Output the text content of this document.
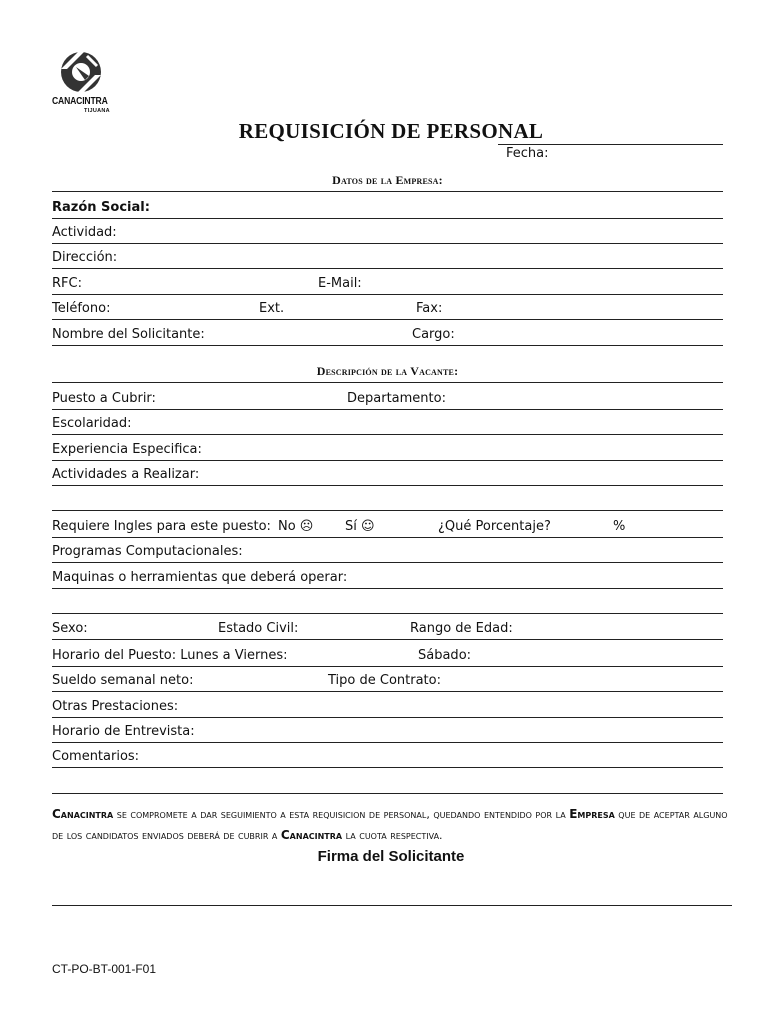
CANACINTRA
TIJUANA
REQUISICIÓN DE PERSONAL
Fecha:
Datos de la Empresa:
Razón Social:
Actividad:
Dirección:
RFC:	E-Mail:
Teléfono:	Ext.	Fax:
Nombre del Solicitante:	Cargo:
Descripción de la Vacante:
Puesto a Cubrir:	Departamento:
Escolaridad:
Experiencia Especifica:
Actividades a Realizar:
Requiere Ingles para este puesto: No ☹ Sí ☺	¿Qué Porcentaje?	%
Programas Computacionales:
Maquinas o herramientas que deberá operar:
Sexo:	Estado Civil:	Rango de Edad:
Horario del Puesto: Lunes a Viernes:	Sábado:
Sueldo semanal neto:	Tipo de Contrato:
Otras Prestaciones:
Horario de Entrevista:
Comentarios:
Canacintra se compromete a dar seguimiento a esta requisicion de personal, quedando entendido por la Empresa que de aceptar alguno de los candidatos enviados deberá de cubrir a Canacintra la cuota respectiva.
Firma del Solicitante
CT-PO-BT-001-F01
